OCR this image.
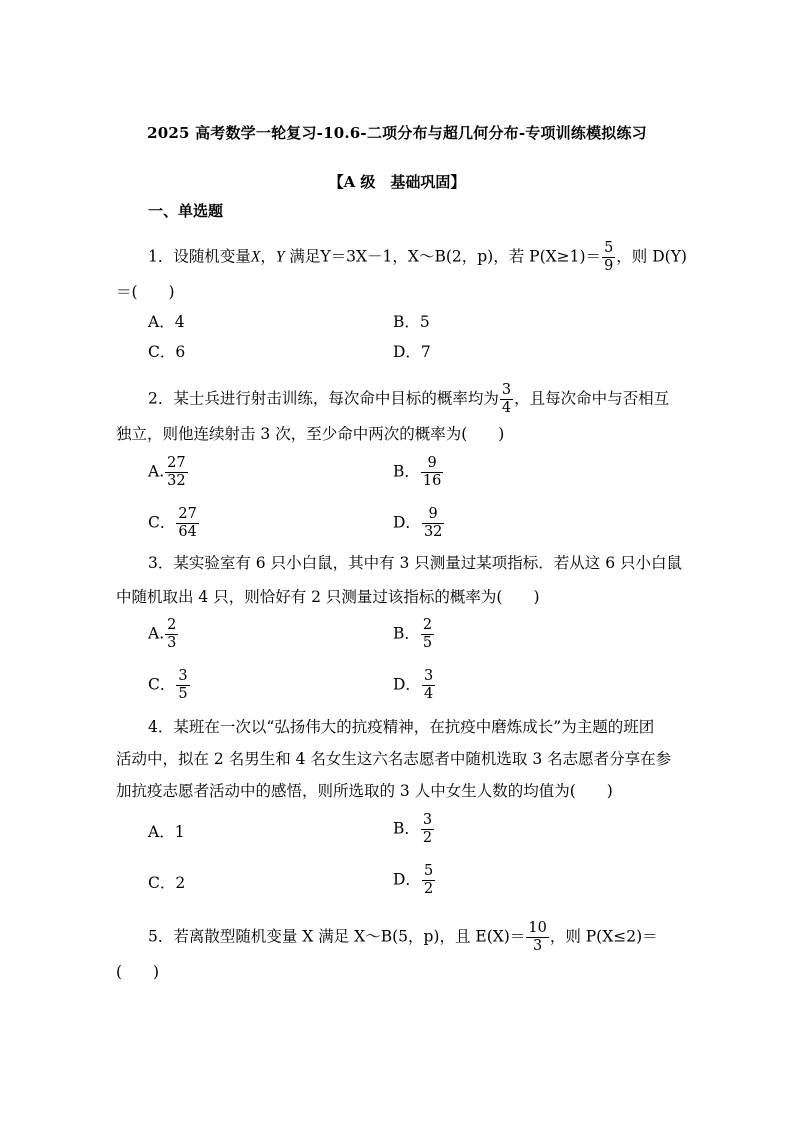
2025 高考数学一轮复习-10.6-二项分布与超几何分布-专项训练模拟练习
【A 级　基础巩固】
一、单选题
1．设随机变量X，Y 满足Y＝3X－1，X～B(2，p)，若 $P(X\ge 1)= \frac{5}{9}$ ，则 D(Y)
＝(　　)
A．4	B．5
C．6	D．7
2．某士兵进行射击训练，每次命中目标的概率均为 $\frac{3}{4}$ ，且每次命中与否相互
独立，则他连续射击 3 次，至少命中两次的概率为(　　)
A. $\frac{27}{32}$	B． $\frac{9}{16}$
C． $\frac{27}{64}$	D． $\frac{9}{32}$
3．某实验室有 6 只小白鼠，其中有 3 只测量过某项指标．若从这 6 只小白鼠
中随机取出 4 只，则恰好有 2 只测量过该指标的概率为(　　)
A. $\frac{2}{3}$	B． $\frac{2}{5}$
C． $\frac{3}{5}$	D． $\frac{3}{4}$
4．某班在一次以“弘扬伟大的抗疫精神，在抗疫中磨炼成长”为主题的班团
活动中，拟在 2 名男生和 4 名女生这六名志愿者中随机选取 3 名志愿者分享在参
加抗疫志愿者活动中的感悟，则所选取的 3 人中女生人数的均值为(　　)
A．1	B． $\frac{3}{2}$
C．2	D． $\frac{5}{2}$
5．若离散型随机变量 X 满足 X～B(5，p)，且 $E(X)= \frac{10}{3}$ ，则 P(X≤2)＝
(　　)
